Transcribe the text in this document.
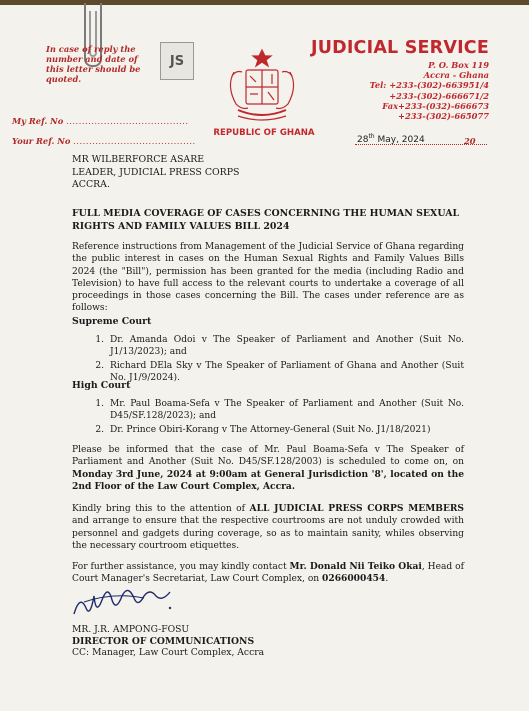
In case of reply the number and date of this letter should be quoted.
JS
REPUBLIC OF GHANA
JUDICIAL SERVICE
P. O. Box 119
Accra - Ghana
Tel: +233-(302)-663951/4
+233-(302)-666671/2
Fax+233-(032)-666673
+233-(302)-665077
My Ref. No .......................................
Your Ref. No .......................................	28th May, 2024	20
MR WILBERFORCE ASARE
LEADER, JUDICIAL PRESS CORPS
ACCRA.
FULL MEDIA COVERAGE OF CASES CONCERNING THE HUMAN SEXUAL RIGHTS AND FAMILY VALUES BILL 2024
Reference instructions from Management of the Judicial Service of Ghana regarding the public interest in cases on the Human Sexual Rights and Family Values Bills 2024 (the "Bill"), permission has been granted for the media (including Radio and Television) to have full access to the relevant courts to undertake a coverage of all proceedings in those cases concerning the Bill. The cases under reference are as follows:
Supreme Court
1. Dr. Amanda Odoi v The Speaker of Parliament and Another (Suit No. J1/13/2023); and
2. Richard DEla Sky v The Speaker of Parliament of Ghana and Another (Suit No. J1/9/2024).
High Court
1. Mr. Paul Boama-Sefa v The Speaker of Parliament and Another (Suit No. D45/SF.128/2023); and
2. Dr. Prince Obiri-Korang v The Attorney-General (Suit No. J1/18/2021)
Please be informed that the case of Mr. Paul Boama-Sefa v The Speaker of Parliament and Another (Suit No. D45/SF.128/2003) is scheduled to come on, on Monday 3rd June, 2024 at 9:00am at General Jurisdiction '8', located on the 2nd Floor of the Law Court Complex, Accra.
Kindly bring this to the attention of ALL JUDICIAL PRESS CORPS MEMBERS and arrange to ensure that the respective courtrooms are not unduly crowded with personnel and gadgets during coverage, so as to maintain sanity, whiles observing the necessary courtroom etiquettes.
For further assistance, you may kindly contact Mr. Donald Nii Teiko Okai, Head of Court Manager's Secretariat, Law Court Complex, on 0266000454.
MR. J.R. AMPONG-FOSU
DIRECTOR OF COMMUNICATIONS
CC: Manager, Law Court Complex, Accra
